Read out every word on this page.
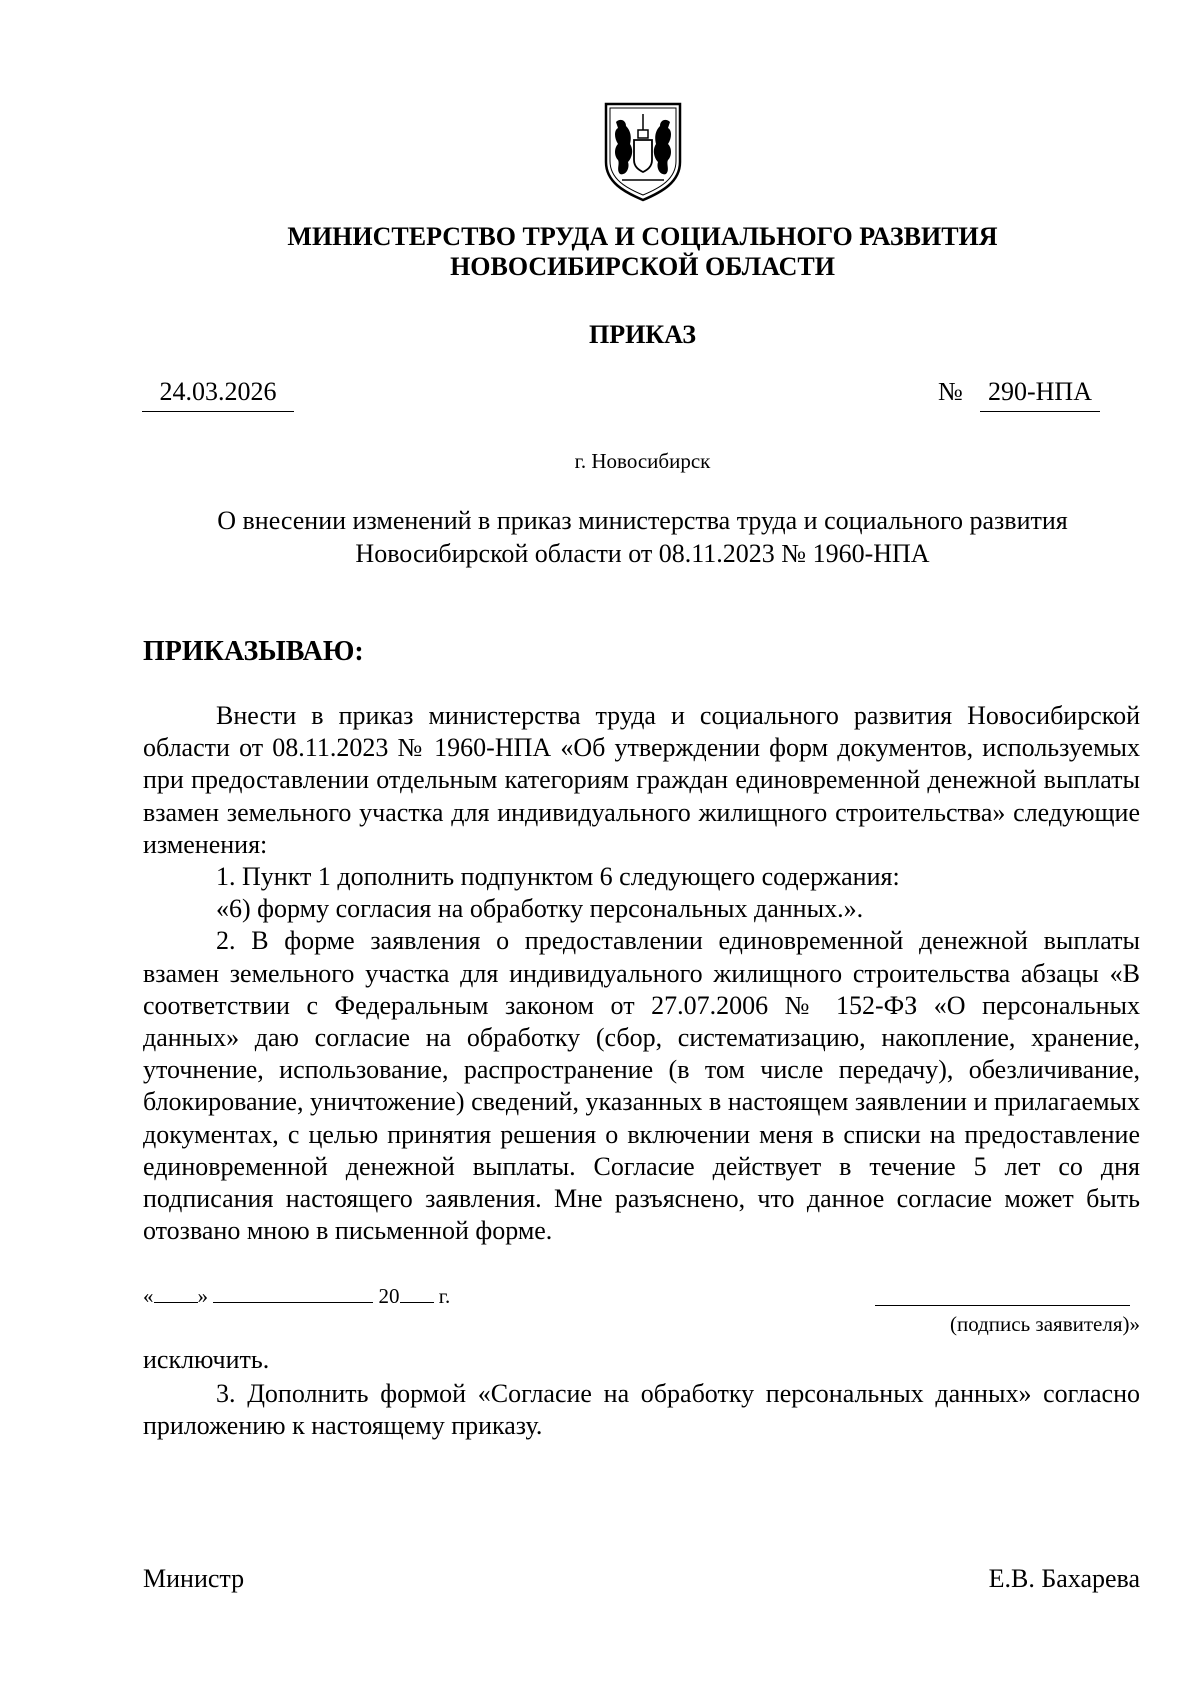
МИНИСТЕРСТВО ТРУДА И СОЦИАЛЬНОГО РАЗВИТИЯ
НОВОСИБИРСКОЙ ОБЛАСТИ
ПРИКАЗ
24.03.2026	№ 290-НПА
г. Новосибирск
О внесении изменений в приказ министерства труда и социального развития
Новосибирской области от 08.11.2023 № 1960-НПА
ПРИКАЗЫВАЮ:

Внести в приказ министерства труда и социального развития Новосибирской области от 08.11.2023 № 1960-НПА «Об утверждении форм документов, используемых при предоставлении отдельным категориям граждан единовременной денежной выплаты взамен земельного участка для индивидуального жилищного строительства» следующие изменения:

1. Пункт 1 дополнить подпунктом 6 следующего содержания:

«6) форму согласия на обработку персональных данных.».

2. В форме заявления о предоставлении единовременной денежной выплаты взамен земельного участка для индивидуального жилищного строительства абзацы «В соответствии с Федеральным законом от 27.07.2006 № 152-ФЗ «О персональных данных» даю согласие на обработку (сбор, систематизацию, накопление, хранение, уточнение, использование, распространение (в том числе передачу), обезличивание, блокирование, уничтожение) сведений, указанных в настоящем заявлении и прилагаемых документах, с целью принятия решения о включении меня в списки на предоставление единовременной денежной выплаты. Согласие действует в течение 5 лет со дня подписания настоящего заявления. Мне разъяснено, что данное согласие может быть отозвано мною в письменной форме.

« »	20 г.
(подпись заявителя)»
исключить.

3. Дополнить формой «Согласие на обработку персональных данных» согласно приложению к настоящему приказу.

Министр	Е.В. Бахарева
